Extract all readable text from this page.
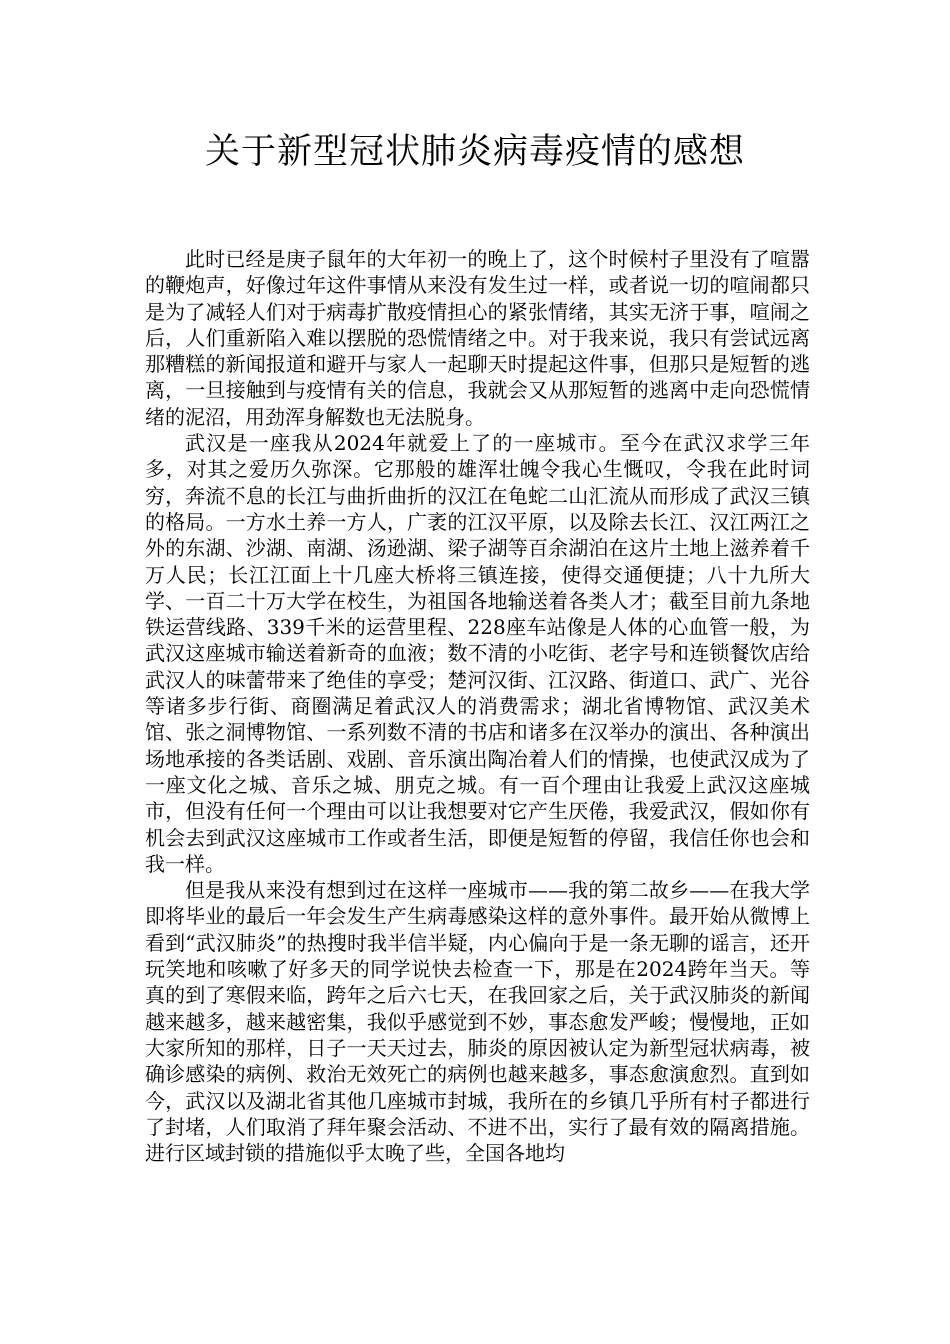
关于新型冠状肺炎病毒疫情的感想

此时已经是庚子鼠年的大年初一的晚上了，这个时候村子里没有了喧嚣的鞭炮声，好像过年这件事情从来没有发生过一样，或者说一切的喧闹都只是为了减轻人们对于病毒扩散疫情担心的紧张情绪，其实无济于事，喧闹之后，人们重新陷入难以摆脱的恐慌情绪之中。对于我来说，我只有尝试远离那糟糕的新闻报道和避开与家人一起聊天时提起这件事，但那只是短暂的逃离，一旦接触到与疫情有关的信息，我就会又从那短暂的逃离中走向恐慌情绪的泥沼，用劲浑身解数也无法脱身。

武汉是一座我从2024年就爱上了的一座城市。至今在武汉求学三年多，对其之爱历久弥深。它那般的雄浑壮魄令我心生慨叹，令我在此时词穷，奔流不息的长江与曲折曲折的汉江在龟蛇二山汇流从而形成了武汉三镇的格局。一方水土养一方人，广袤的江汉平原，以及除去长江、汉江两江之外的东湖、沙湖、南湖、汤逊湖、梁子湖等百余湖泊在这片土地上滋养着千万人民；长江江面上十几座大桥将三镇连接，使得交通便捷；八十九所大学、一百二十万大学在校生，为祖国各地输送着各类人才；截至目前九条地铁运营线路、339千米的运营里程、228座车站像是人体的心血管一般，为武汉这座城市输送着新奇的血液；数不清的小吃街、老字号和连锁餐饮店给武汉人的味蕾带来了绝佳的享受；楚河汉街、江汉路、街道口、武广、光谷等诸多步行街、商圈满足着武汉人的消费需求；湖北省博物馆、武汉美术馆、张之洞博物馆、一系列数不清的书店和诸多在汉举办的演出、各种演出场地承接的各类话剧、戏剧、音乐演出陶冶着人们的情操，也使武汉成为了一座文化之城、音乐之城、朋克之城。有一百个理由让我爱上武汉这座城市，但没有任何一个理由可以让我想要对它产生厌倦，我爱武汉，假如你有机会去到武汉这座城市工作或者生活，即便是短暂的停留，我信任你也会和我一样。

但是我从来没有想到过在这样一座城市——我的第二故乡——在我大学即将毕业的最后一年会发生产生病毒感染这样的意外事件。最开始从微博上看到“武汉肺炎”的热搜时我半信半疑，内心偏向于是一条无聊的谣言，还开玩笑地和咳嗽了好多天的同学说快去检查一下，那是在2024跨年当天。等真的到了寒假来临，跨年之后六七天，在我回家之后，关于武汉肺炎的新闻越来越多，越来越密集，我似乎感觉到不妙，事态愈发严峻；慢慢地，正如大家所知的那样，日子一天天过去，肺炎的原因被认定为新型冠状病毒，被确诊感染的病例、救治无效死亡的病例也越来越多，事态愈演愈烈。直到如今，武汉以及湖北省其他几座城市封城，我所在的乡镇几乎所有村子都进行了封堵，人们取消了拜年聚会活动、不进不出，实行了最有效的隔离措施。进行区域封锁的措施似乎太晚了些，全国各地均
